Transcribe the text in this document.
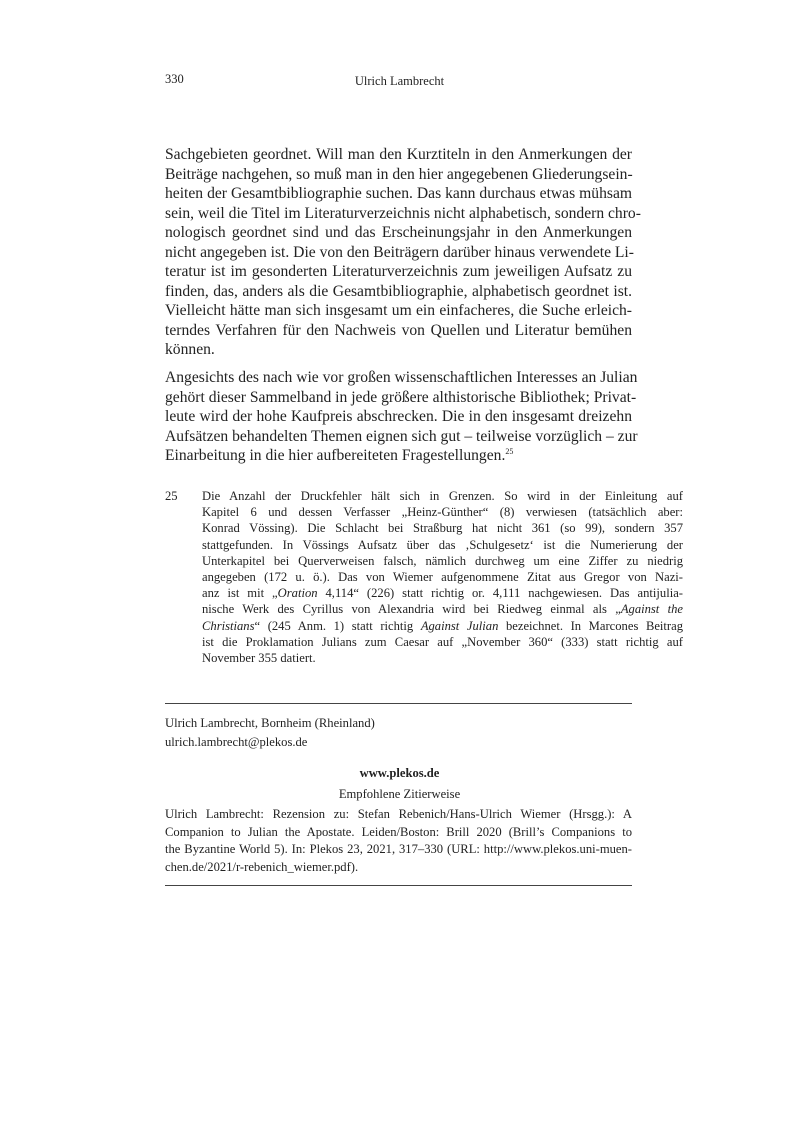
330	Ulrich Lambrecht
Sachgebieten geordnet. Will man den Kurztiteln in den Anmerkungen der
Beiträge nachgehen, so muß man in den hier angegebenen Gliederungsein-
heiten der Gesamtbibliographie suchen. Das kann durchaus etwas mühsam
sein, weil die Titel im Literaturverzeichnis nicht alphabetisch, sondern chro-
nologisch geordnet sind und das Erscheinungsjahr in den Anmerkungen
nicht angegeben ist. Die von den Beiträgern darüber hinaus verwendete Li-
teratur ist im gesonderten Literaturverzeichnis zum jeweiligen Aufsatz zu
finden, das, anders als die Gesamtbibliographie, alphabetisch geordnet ist.
Vielleicht hätte man sich insgesamt um ein einfacheres, die Suche erleich-
terndes Verfahren für den Nachweis von Quellen und Literatur bemühen
können.
Angesichts des nach wie vor großen wissenschaftlichen Interesses an Julian
gehört dieser Sammelband in jede größere althistorische Bibliothek; Privat-
leute wird der hohe Kaufpreis abschrecken. Die in den insgesamt dreizehn
Aufsätzen behandelten Themen eignen sich gut – teilweise vorzüglich – zur
Einarbeitung in die hier aufbereiteten Fragestellungen.$^{25}$
25 Die Anzahl der Druckfehler hält sich in Grenzen. So wird in der Einleitung auf
Kapitel 6 und dessen Verfasser „Heinz-Günther“ (8) verwiesen (tatsächlich aber:
Konrad Vössing). Die Schlacht bei Straßburg hat nicht 361 (so 99), sondern 357
stattgefunden. In Vössings Aufsatz über das ‚Schulgesetz‘ ist die Numerierung der
Unterkapitel bei Querverweisen falsch, nämlich durchweg um eine Ziffer zu niedrig
angegeben (172 u. ö.). Das von Wiemer aufgenommene Zitat aus Gregor von Nazi-
anz ist mit „Oration 4,114“ (226) statt richtig or. 4,111 nachgewiesen. Das antijulia-
nische Werk des Cyrillus von Alexandria wird bei Riedweg einmal als „Against the
Christians“ (245 Anm. 1) statt richtig Against Julian bezeichnet. In Marcones Beitrag
ist die Proklamation Julians zum Caesar auf „November 360“ (333) statt richtig auf
November 355 datiert.
Ulrich Lambrecht, Bornheim (Rheinland)
ulrich.lambrecht@plekos.de
www.plekos.de
Empfohlene Zitierweise
Ulrich Lambrecht: Rezension zu: Stefan Rebenich/Hans-Ulrich Wiemer (Hrsgg.): A
Companion to Julian the Apostate. Leiden/Boston: Brill 2020 (Brill’s Companions to
the Byzantine World 5). In: Plekos 23, 2021, 317–330 (URL: http://www.plekos.uni-muen-
chen.de/2021/r-rebenich_wiemer.pdf).
